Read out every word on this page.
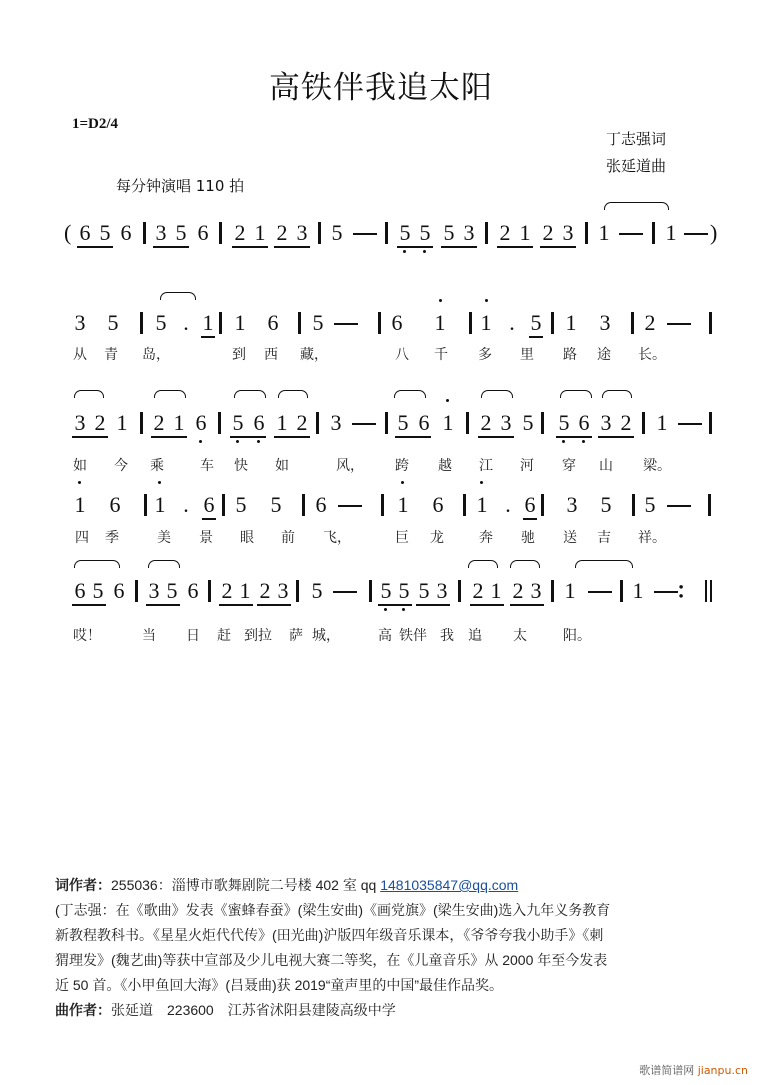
高铁伴我追太阳
1=D2/4
丁志强词
张延道曲
每分钟演唱 110 拍
( 6 5 6 3 5 6 2 1 2 3 5	5 5 5 3 2 1 2 3 1	1 )
3 5 5 . 1 1 6 5	6 1 1 . 5 1 3 2
从 青 岛，	到 西 藏，	八 千 多 里 路 途 长。
3 2 1 2 1 6 5 6 1 2 3	5 6 1 2 3 5 5 6 3 2 1
如 今 乘	车 快 如	风， 跨 越 江 河 穿 山 梁。
1 6 1 . 6 5 5 6	1 6 1 . 6 3 5 5
四 季	美 景 眼 前 飞，	巨 龙	奔 驰 送 吉 祥。
6 5 6 3 5 6 2 1 2 3 5	5 5 5 3 2 1 2 3 1	1 ：
哎！	当 日 赶 到拉 萨 城，	高 铁伴 我 追 太	阳。
词作者：255036：淄博市歌舞剧院二号楼 402 室 qq 1481035847@qq.com
(丁志强：在《歌曲》发表《蜜蜂春蚕》(梁生安曲)《画党旗》(梁生安曲)选入九年义务教育
新教程教科书。《星星火炬代代传》(田光曲)沪版四年级音乐课本，《爷爷夸我小助手》《刺
猬理发》(魏艺曲)等获中宣部及少儿电视大赛二等奖，在《儿童音乐》从 2000 年至今发表
近 50 首。《小甲鱼回大海》(吕聂曲)获 2019“童声里的中国”最佳作品奖。
曲作者：张延道　223600　江苏省沭阳县建陵高级中学
歌谱简谱网 jianpu.cn
